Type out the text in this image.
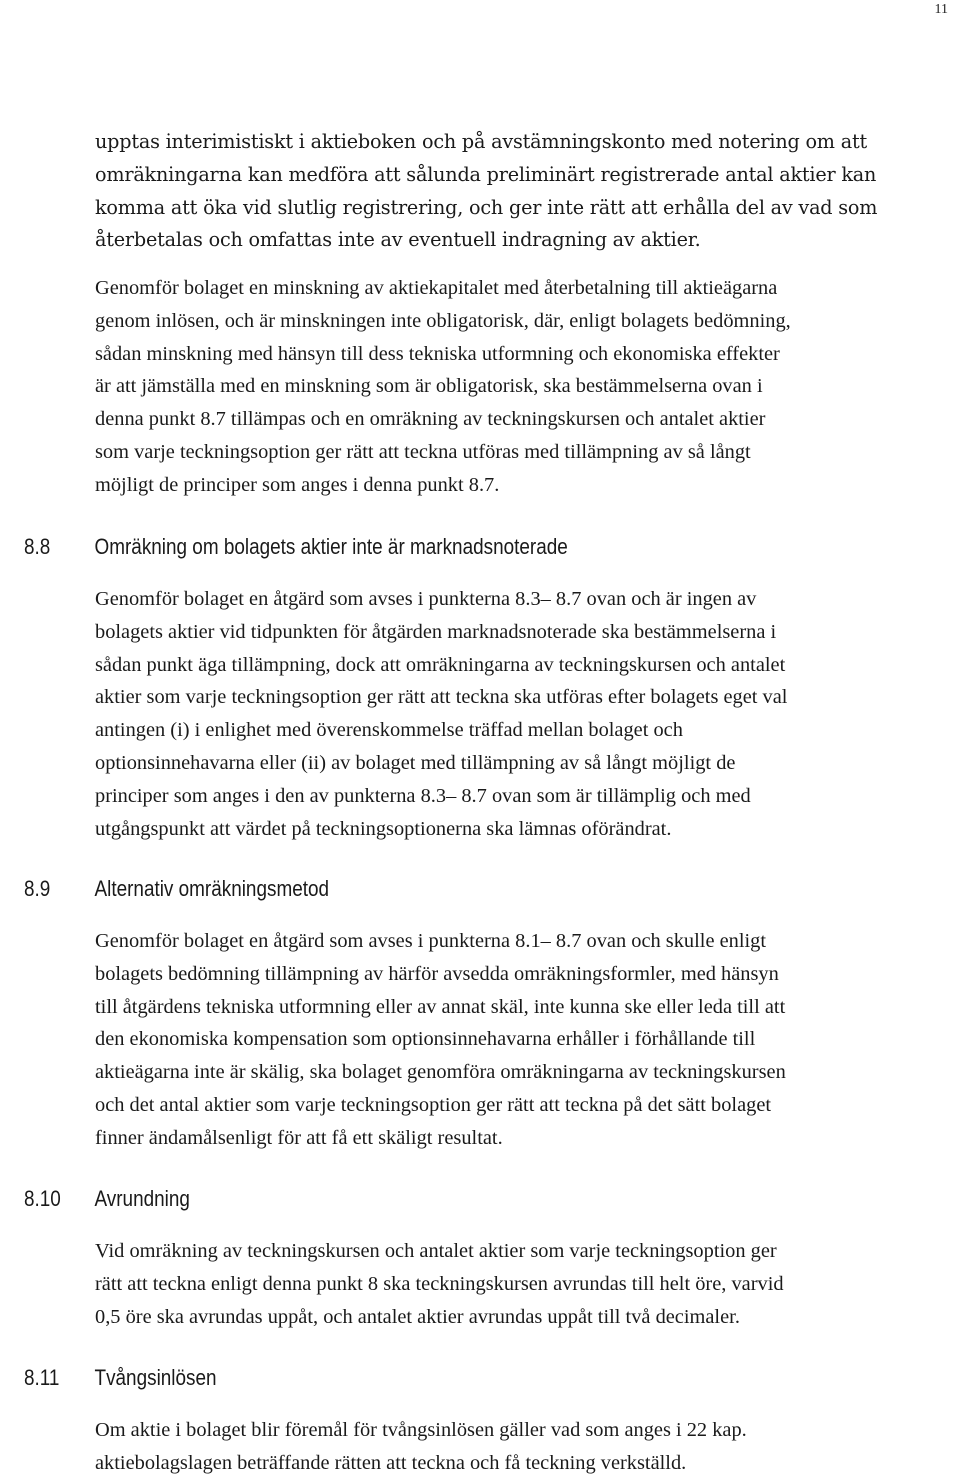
11

upptas interimistiskt i aktieboken och på avstämningskonto med notering om att
omräkningarna kan medföra att sålunda preliminärt registrerade antal aktier kan
komma att öka vid slutlig registrering, och ger inte rätt att erhålla del av vad som
återbetalas och omfattas inte av eventuell indragning av aktier.

Genomför bolaget en minskning av aktiekapitalet med återbetalning till aktieägarna
genom inlösen, och är minskningen inte obligatorisk, där, enligt bolagets bedömning,
sådan minskning med hänsyn till dess tekniska utformning och ekonomiska effekter
är att jämställa med en minskning som är obligatorisk, ska bestämmelserna ovan i
denna punkt 8.7 tillämpas och en omräkning av teckningskursen och antalet aktier
som varje teckningsoption ger rätt att teckna utföras med tillämpning av så långt
möjligt de principer som anges i denna punkt 8.7.

8.8 Omräkning om bolagets aktier inte är marknadsnoterade

Genomför bolaget en åtgärd som avses i punkterna 8.3– 8.7 ovan och är ingen av
bolagets aktier vid tidpunkten för åtgärden marknadsnoterade ska bestämmelserna i
sådan punkt äga tillämpning, dock att omräkningarna av teckningskursen och antalet
aktier som varje teckningsoption ger rätt att teckna ska utföras efter bolagets eget val
antingen (i) i enlighet med överenskommelse träffad mellan bolaget och
optionsinnehavarna eller (ii) av bolaget med tillämpning av så långt möjligt de
principer som anges i den av punkterna 8.3– 8.7 ovan som är tillämplig och med
utgångspunkt att värdet på teckningsoptionerna ska lämnas oförändrat.

8.9 Alternativ omräkningsmetod

Genomför bolaget en åtgärd som avses i punkterna 8.1– 8.7 ovan och skulle enligt
bolagets bedömning tillämpning av härför avsedda omräkningsformler, med hänsyn
till åtgärdens tekniska utformning eller av annat skäl, inte kunna ske eller leda till att
den ekonomiska kompensation som optionsinnehavarna erhåller i förhållande till
aktieägarna inte är skälig, ska bolaget genomföra omräkningarna av teckningskursen
och det antal aktier som varje teckningsoption ger rätt att teckna på det sätt bolaget
finner ändamålsenligt för att få ett skäligt resultat.

8.10 Avrundning

Vid omräkning av teckningskursen och antalet aktier som varje teckningsoption ger
rätt att teckna enligt denna punkt 8 ska teckningskursen avrundas till helt öre, varvid
0,5 öre ska avrundas uppåt, och antalet aktier avrundas uppåt till två decimaler.

8.11 Tvångsinlösen

Om aktie i bolaget blir föremål för tvångsinlösen gäller vad som anges i 22 kap.
aktiebolagslagen beträffande rätten att teckna och få teckning verkställd.
